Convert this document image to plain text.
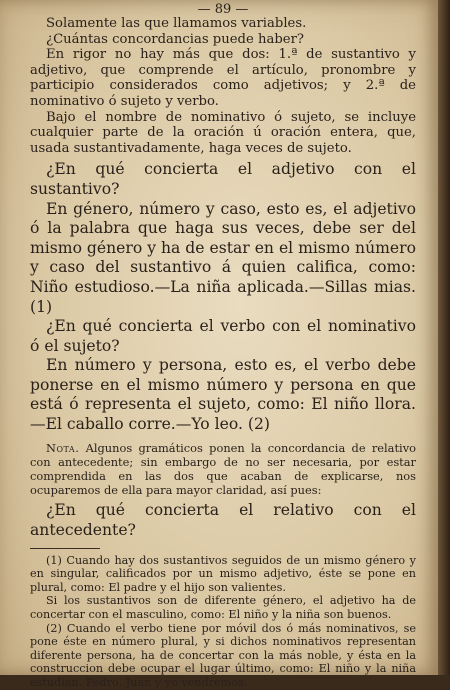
— 89 —

Solamente las que llamamos variables.

¿Cuántas concordancias puede haber?

En rigor no hay más que dos: 1.ª de sustantivo y adjetivo, que comprende el artículo, pronombre y participio considerados como adjetivos; y 2.ª de nominativo ó sujeto y verbo.

Bajo el nombre de nominativo ó sujeto, se incluye cualquier parte de la oración ú oración entera, que, usada sustantivadamente, haga veces de sujeto.

¿En qué concierta el adjetivo con el sustantivo?

En género, número y caso, esto es, el adjetivo ó la palabra que haga sus veces, debe ser del mismo género y ha de estar en el mismo número y caso del sustantivo á quien califica, como: Niño estudioso.—La niña aplicada.—Sillas mias. (1)

¿En qué concierta el verbo con el nominativo ó el sujeto?

En número y persona, esto es, el verbo debe ponerse en el mismo número y persona en que está ó representa el sujeto, como: El niño llora. —El caballo corre.—Yo leo. (2)

Nota. Algunos gramáticos ponen la concordancia de relativo con antecedente; sin embargo de no ser necesaria, por estar comprendida en las dos que acaban de explicarse, nos ocuparemos de ella para mayor claridad, así pues:

¿En qué concierta el relativo con el antecedente?

(1) Cuando hay dos sustantivos seguidos de un mismo género y en singular, calificados por un mismo adjetivo, éste se pone en plural, como: El padre y el hijo son valientes.

Si los sustantivos son de diferente género, el adjetivo ha de concertar con el masculino, como: El niño y la niña son buenos.

(2) Cuando el verbo tiene por móvil dos ó más nominativos, se pone éste en número plural, y si dichos nominativos representan diferente persona, ha de concertar con la más noble, y ésta en la construccion debe ocupar el lugar último, como: El niño y la niña estudian. Pedro, Juan y yo vendremos.
